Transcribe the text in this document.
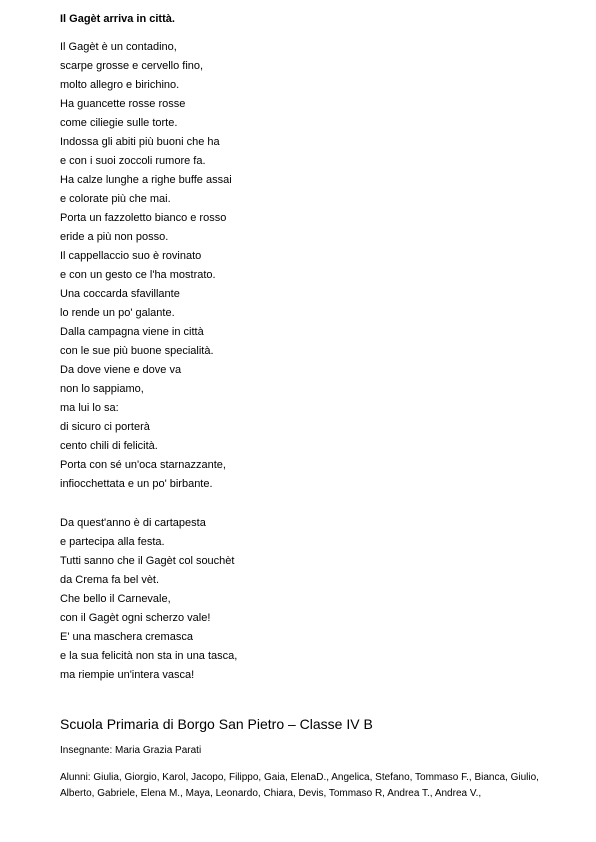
Il Gagèt arriva in città.
Il Gagèt è un contadino,
scarpe grosse e cervello fino,
molto allegro e birichino.
Ha guancette rosse rosse
come ciliegie sulle torte.
Indossa gli abiti più buoni che ha
e con i suoi zoccoli rumore fa.
Ha calze lunghe a righe buffe assai
e colorate più che mai.
Porta un fazzoletto bianco e rosso
eride a più non posso.
Il cappellaccio suo è rovinato
e con un gesto ce l'ha mostrato.
Una coccarda sfavillante
lo rende un po' galante.
Dalla campagna viene in città
con le sue più buone specialità.
Da dove viene e dove va
non lo sappiamo,
ma lui lo sa:
di sicuro ci porterà
cento chili di felicità.
Porta con sé un'oca starnazzante,
infiocchettata e un po' birbante.
Da quest'anno è di cartapesta
e partecipa alla festa.
Tutti sanno che il Gagèt col souchèt
da Crema fa bel vèt.
Che bello il Carnevale,
con il Gagèt ogni scherzo vale!
E' una maschera cremasca
e la sua felicità non sta in una tasca,
ma riempie un'intera vasca!
Scuola Primaria di Borgo San Pietro – Classe IV B
Insegnante: Maria Grazia Parati
Alunni: Giulia, Giorgio, Karol, Jacopo, Filippo, Gaia, ElenaD., Angelica, Stefano, Tommaso F., Bianca, Giulio, Alberto, Gabriele, Elena M., Maya, Leonardo, Chiara, Devis, Tommaso R, Andrea T., Andrea V.,
